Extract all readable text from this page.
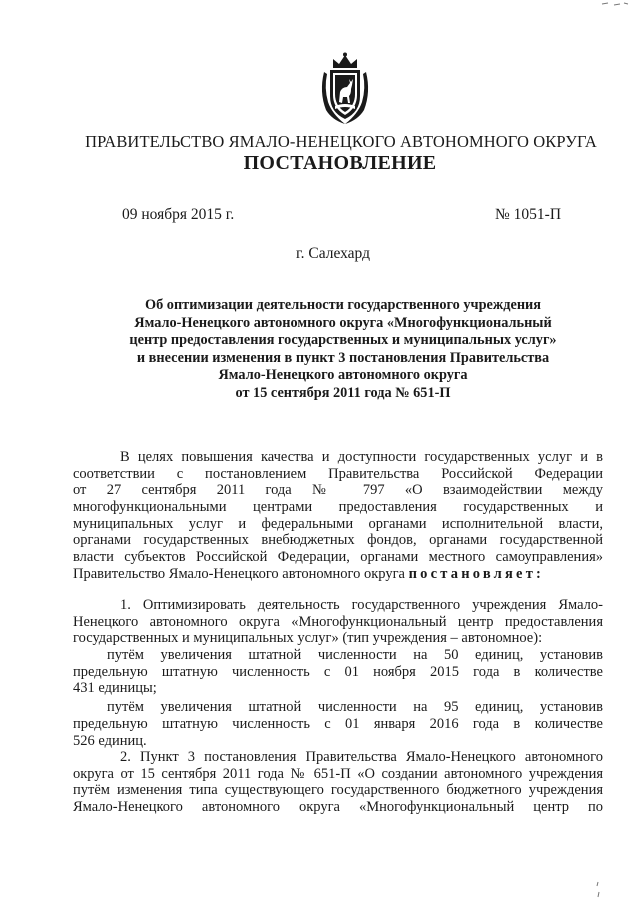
ПРАВИТЕЛЬСТВО ЯМАЛО-НЕНЕЦКОГО АВТОНОМНОГО ОКРУГА
ПОСТАНОВЛЕНИЕ
09 ноября 2015 г.	№ 1051-П
г. Салехард
Об оптимизации деятельности государственного учреждения
Ямало-Ненецкого автономного округа «Многофункциональный
центр предоставления государственных и муниципальных услуг»
и внесении изменения в пункт 3 постановления Правительства
Ямало-Ненецкого автономного округа
от 15 сентября 2011 года № 651-П
В целях повышения качества и доступности государственных услуг и в
соответствии с постановлением Правительства Российской Федерации
от 27 сентября 2011 года № 797 «О взаимодействии между
многофункциональными центрами предоставления государственных и
муниципальных услуг и федеральными органами исполнительной власти,
органами государственных внебюджетных фондов, органами государственной
власти субъектов Российской Федерации, органами местного самоуправления»
Правительство Ямало-Ненецкого автономного округа постановляет:
1. Оптимизировать деятельность государственного учреждения Ямало-
Ненецкого автономного округа «Многофункциональный центр предоставления
государственных и муниципальных услуг» (тип учреждения – автономное):
путём увеличения штатной численности на 50 единиц, установив
предельную штатную численность с 01 ноября 2015 года в количестве
431 единицы;
путём увеличения штатной численности на 95 единиц, установив
предельную штатную численность с 01 января 2016 года в количестве
526 единиц.
2. Пункт 3 постановления Правительства Ямало-Ненецкого автономного
округа от 15 сентября 2011 года № 651-П «О создании автономного учреждения
путём изменения типа существующего государственного бюджетного учреждения
Ямало-Ненецкого автономного округа «Многофункциональный центр по
